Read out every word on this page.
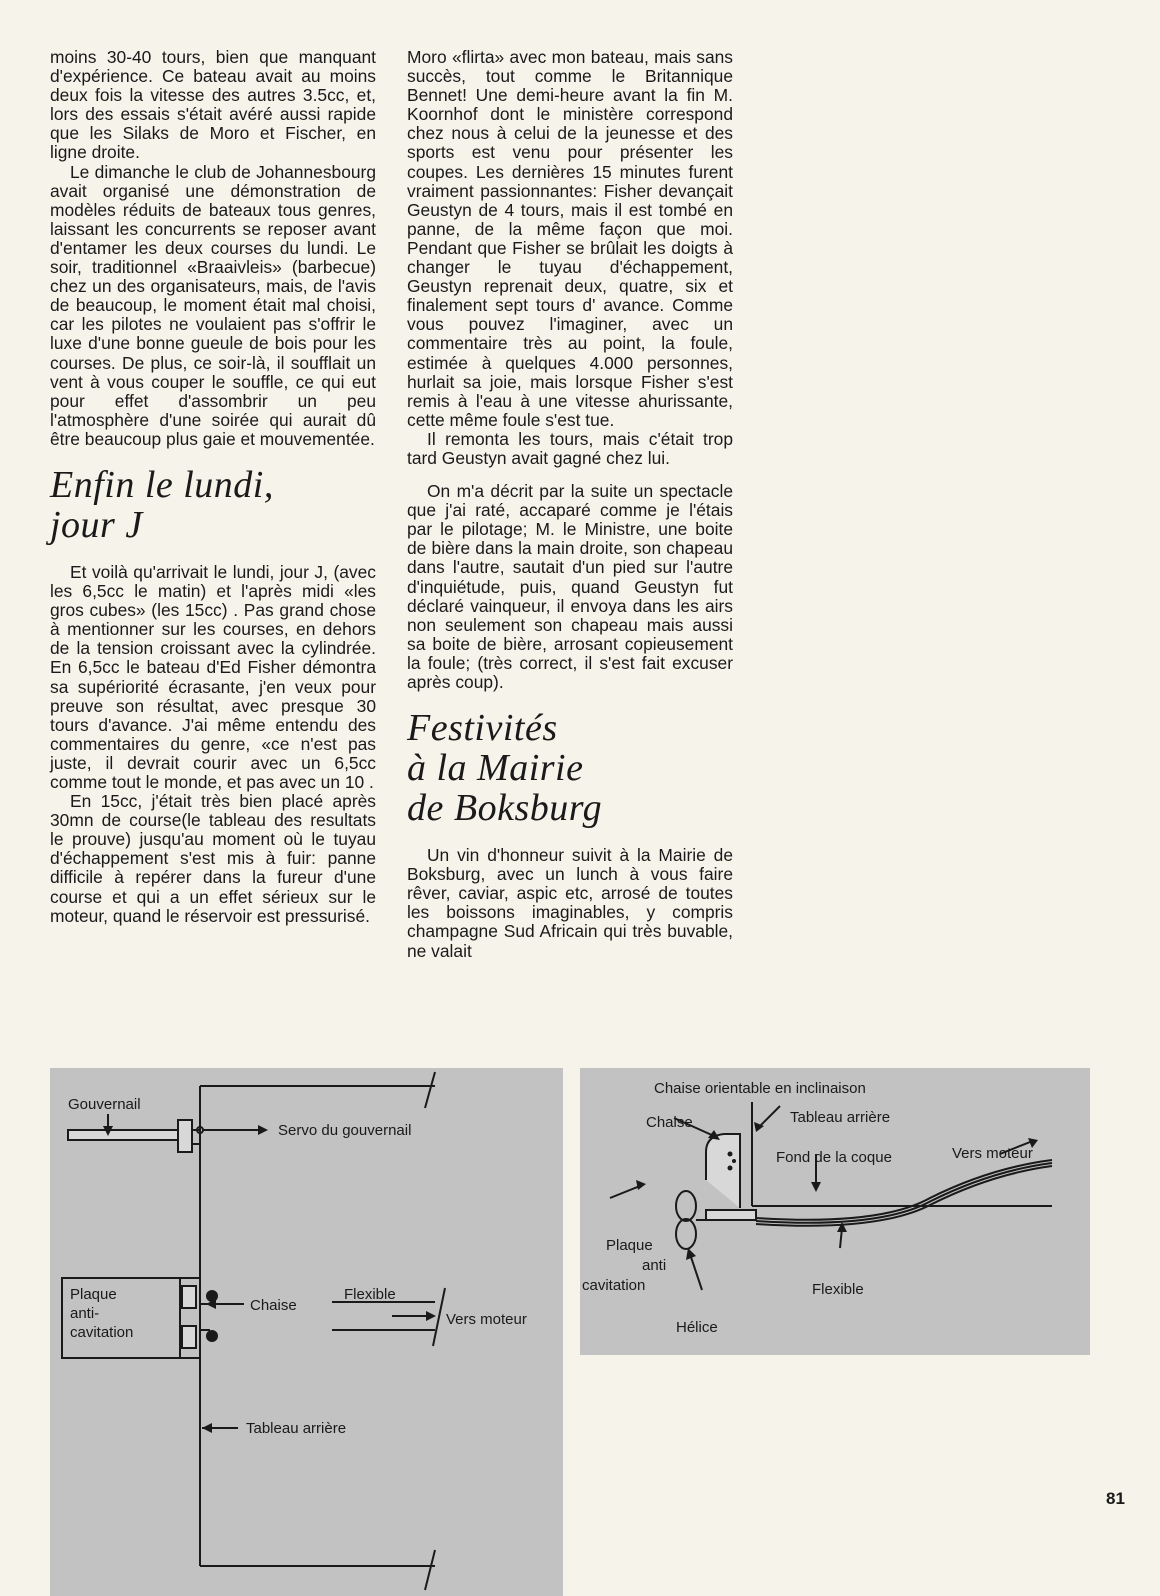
moins 30-40 tours, bien que manquant d'expérience. Ce bateau avait au moins deux fois la vitesse des autres 3.5cc, et, lors des essais s'était avéré aussi rapide que les Silaks de Moro et Fischer, en ligne droite.

Le dimanche le club de Johannesbourg avait organisé une démonstration de modèles réduits de bateaux tous genres, laissant les concurrents se reposer avant d'entamer les deux courses du lundi. Le soir, traditionnel «Braaivleis» (barbecue) chez un des organisateurs, mais, de l'avis de beaucoup, le moment était mal choisi, car les pilotes ne voulaient pas s'offrir le luxe d'une bonne gueule de bois pour les courses. De plus, ce soir-là, il soufflait un vent à vous couper le souffle, ce qui eut pour effet d'assombrir un peu l'atmosphère d'une soirée qui aurait dû être beaucoup plus gaie et mouvementée.

Enfin le lundi,
jour J

Et voilà qu'arrivait le lundi, jour J, (avec les 6,5cc le matin) et l'après midi «les gros cubes» (les 15cc) . Pas grand chose à mentionner sur les courses, en dehors de la tension croissant avec la cylindrée. En 6,5cc le bateau d'Ed Fisher démontra sa supériorité écrasante, j'en veux pour preuve son résultat, avec presque 30 tours d'avance. J'ai même entendu des commentaires du genre, «ce n'est pas juste, il devrait courir avec un 6,5cc comme tout le monde, et pas avec un 10 .

En 15cc, j'était très bien placé après 30mn de course(le tableau des resultats le prouve) jusqu'au moment où le tuyau d'échappement s'est mis à fuir: panne difficile à repérer dans la fureur d'une course et qui a un effet sérieux sur le moteur, quand le réservoir est pressurisé.

Moro «flirta» avec mon bateau, mais sans succès, tout comme le Britannique Bennet! Une demi-heure avant la fin M. Koornhof dont le ministère correspond chez nous à celui de la jeunesse et des sports est venu pour présenter les coupes. Les dernières 15 minutes furent vraiment passionnantes: Fisher devançait Geustyn de 4 tours, mais il est tombé en panne, de la même façon que moi. Pendant que Fisher se brûlait les doigts à changer le tuyau d'échappement, Geustyn reprenait deux, quatre, six et finalement sept tours d' avance. Comme vous pouvez l'imaginer, avec un commentaire très au point, la foule, estimée à quelques 4.000 personnes, hurlait sa joie, mais lorsque Fisher s'est remis à l'eau à une vitesse ahurissante, cette même foule s'est tue.

Il remonta les tours, mais c'était trop tard Geustyn avait gagné chez lui.

On m'a décrit par la suite un spectacle que j'ai raté, accaparé comme je l'étais par le pilotage; M. le Ministre, une boite de bière dans la main droite, son chapeau dans l'autre, sautait d'un pied sur l'autre d'inquiétude, puis, quand Geustyn fut déclaré vainqueur, il envoya dans les airs non seulement son chapeau mais aussi sa boite de bière, arrosant copieusement la foule; (très correct, il s'est fait excuser après coup).

Festivités
à la Mairie
de Boksburg

Un vin d'honneur suivit à la Mairie de Boksburg, avec un lunch à vous faire rêver, caviar, aspic etc, arrosé de toutes les boissons imaginables, y compris champagne Sud Africain qui très buvable, ne valait

Gouvernail
Servo du gouvernail
Plaque
anti-
cavitation
Chaise
Flexible
Vers moteur
Tableau arrière
Chaise orientable en inclinaison
Chaise	Tableau arrière
Fond de la coque	Vers moteur
Plaque
anti
cavitation	Flexible
Hélice
81
